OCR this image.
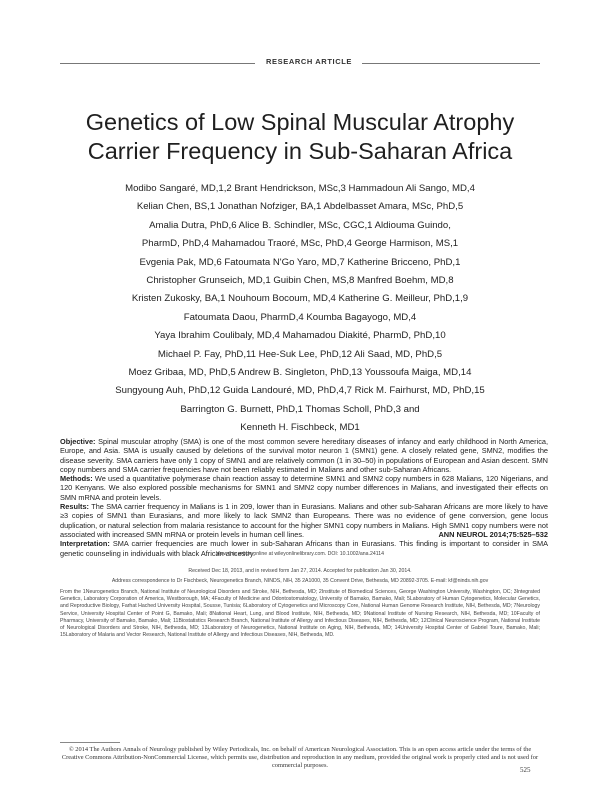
RESEARCH ARTICLE
Genetics of Low Spinal Muscular Atrophy
Carrier Frequency in Sub-Saharan Africa
Modibo Sangaré, MD,1,2 Brant Hendrickson, MSc,3 Hammadoun Ali Sango, MD,4
Kelian Chen, BS,1 Jonathan Nofziger, BA,1 Abdelbasset Amara, MSc, PhD,5
Amalia Dutra, PhD,6 Alice B. Schindler, MSc, CGC,1 Aldiouma Guindo,
PharmD, PhD,4 Mahamadou Traoré, MSc, PhD,4 George Harmison, MS,1
Evgenia Pak, MD,6 Fatoumata N'Go Yaro, MD,7 Katherine Bricceno, PhD,1
Christopher Grunseich, MD,1 Guibin Chen, MS,8 Manfred Boehm, MD,8
Kristen Zukosky, BA,1 Nouhoum Bocoum, MD,4 Katherine G. Meilleur, PhD,1,9
Fatoumata Daou, PharmD,4 Koumba Bagayogo, MD,4
Yaya Ibrahim Coulibaly, MD,4 Mahamadou Diakité, PharmD, PhD,10
Michael P. Fay, PhD,11 Hee-Suk Lee, PhD,12 Ali Saad, MD, PhD,5
Moez Gribaa, MD, PhD,5 Andrew B. Singleton, PhD,13 Youssoufa Maiga, MD,14
Sungyoung Auh, PhD,12 Guida Landouré, MD, PhD,4,7 Rick M. Fairhurst, MD, PhD,15
Barrington G. Burnett, PhD,1 Thomas Scholl, PhD,3 and
Kenneth H. Fischbeck, MD1

Objective: Spinal muscular atrophy (SMA) is one of the most common severe hereditary diseases of infancy and early childhood in North America, Europe, and Asia. SMA is usually caused by deletions of the survival motor neuron 1 (SMN1) gene. A closely related gene, SMN2, modifies the disease severity. SMA carriers have only 1 copy of SMN1 and are relatively common (1 in 30–50) in populations of European and Asian descent. SMN copy numbers and SMA carrier frequencies have not been reliably estimated in Malians and other sub-Saharan Africans.

Methods: We used a quantitative polymerase chain reaction assay to determine SMN1 and SMN2 copy numbers in 628 Malians, 120 Nigerians, and 120 Kenyans. We also explored possible mechanisms for SMN1 and SMN2 copy number differences in Malians, and investigated their effects on SMN mRNA and protein levels.

Results: The SMA carrier frequency in Malians is 1 in 209, lower than in Eurasians. Malians and other sub-Saharan Africans are more likely to have ≥3 copies of SMN1 than Eurasians, and more likely to lack SMN2 than Europeans. There was no evidence of gene conversion, gene locus duplication, or natural selection from malaria resistance to account for the higher SMN1 copy numbers in Malians. High SMN1 copy numbers were not associated with increased SMN mRNA or protein levels in human cell lines.

Interpretation: SMA carrier frequencies are much lower in sub-Saharan Africans than in Eurasians. This finding is important to consider in SMA genetic counseling in individuals with black African ancestry.

ANN NEUROL 2014;75:525–532
View this article online at wileyonlinelibrary.com. DOI: 10.1002/ana.24114
Received Dec 18, 2013, and in revised form Jan 27, 2014. Accepted for publication Jan 30, 2014.
Address correspondence to Dr Fischbeck, Neurogenetics Branch, NINDS, NIH, 35 2A1000, 35 Convent Drive, Bethesda, MD 20892-3705. E-mail: kf@ninds.nih.gov
From the 1Neurogenetics Branch, National Institute of Neurological Disorders and Stroke, NIH, Bethesda, MD; 2Institute of Biomedical Sciences, George Washington University, Washington, DC; 3Integrated Genetics, Laboratory Corporation of America, Westborough, MA; 4Faculty of Medicine and Odontostomatology, University of Bamako, Bamako, Mali; 5Laboratory of Human Cytogenetics, Molecular Genetics, and Reproductive Biology, Farhat Hached University Hospital, Sousse, Tunisia; 6Laboratory of Cytogenetics and Microscopy Core, National Human Genome Research Institute, NIH, Bethesda, MD; 7Neurology Service, University Hospital Center of Point G, Bamako, Mali; 8National Heart, Lung, and Blood Institute, NIH, Bethesda, MD; 9National Institute of Nursing Research, NIH, Bethesda, MD; 10Faculty of Pharmacy, University of Bamako, Bamako, Mali; 11Biostatistics Research Branch, National Institute of Allergy and Infectious Diseases, NIH, Bethesda, MD; 12Clinical Neuroscience Program, National Institute of Neurological Disorders and Stroke, NIH, Bethesda, MD; 13Laboratory of Neurogenetics, National Institute on Aging, NIH, Bethesda, MD; 14University Hospital Center of Gabriel Toure, Bamako, Mali; 15Laboratory of Malaria and Vector Research, National Institute of Allergy and Infectious Diseases, NIH, Bethesda, MD.
© 2014 The Authors Annals of Neurology published by Wiley Periodicals, Inc. on behalf of American Neurological Association. This is an open access article under the terms of the Creative Commons Attribution-NonCommercial License, which permits use, distribution and reproduction in any medium, provided the original work is properly cited and is not used for commercial purposes.
525
